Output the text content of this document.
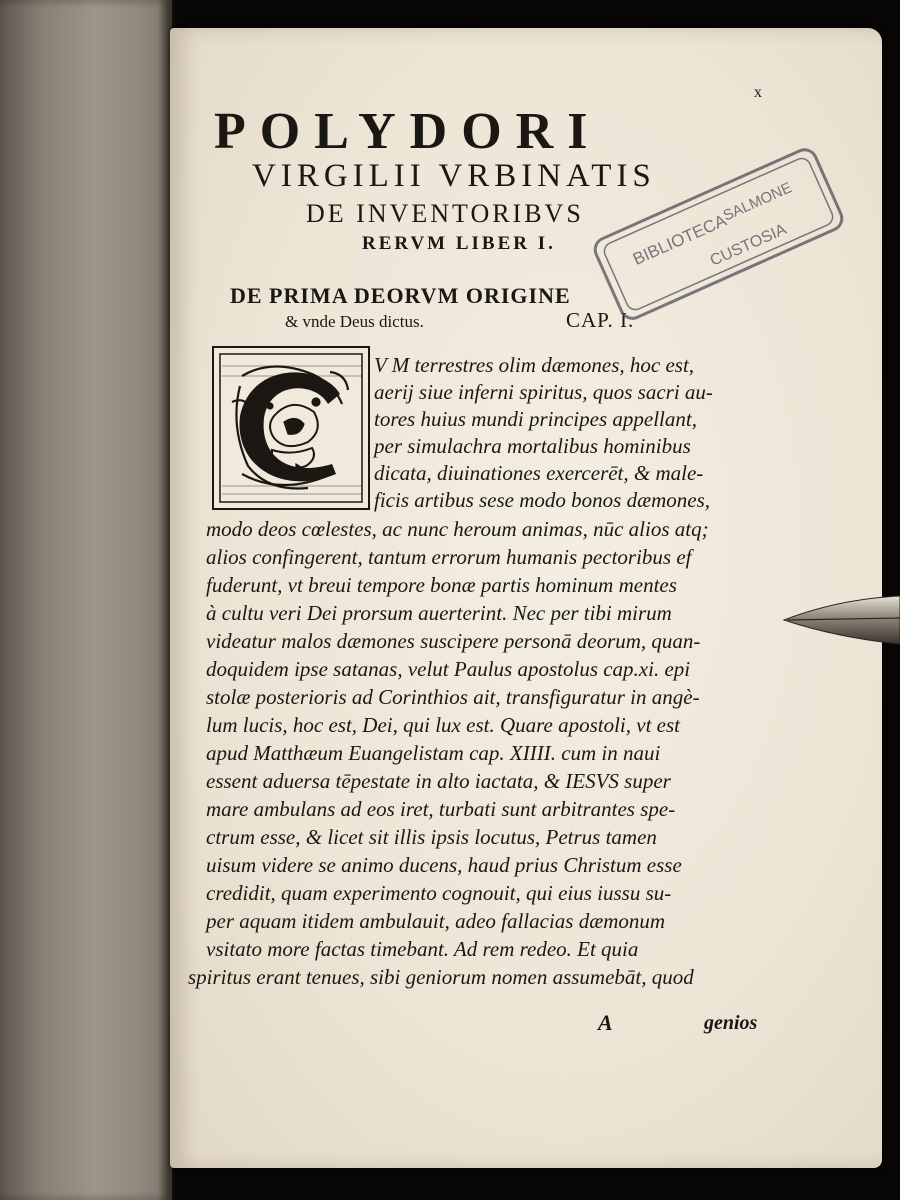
x
POLYDORI
VIRGILII VRBINATIS
DE INVENTORIBVS
RERVM LIBER I.
DE PRIMA DEORVM ORIGINE
& vnde Deus dictus.	CAP. I.
BIBLIOTECA
SALMONE
CUSTOSIA
V M terrestres olim dæmones, hoc est,
aerij siue inferni spiritus, quos sacri au-
tores huius mundi principes appellant,
per simulachra mortalibus hominibus
dicata, diuinationes exercerēt, & male-
ficis artibus sese modo bonos dæmones,
modo deos cœlestes, ac nunc heroum animas, nūc alios atq;
alios confingerent, tantum errorum humanis pectoribus ef
fuderunt, vt breui tempore bonæ partis hominum mentes
à cultu veri Dei prorsum auerterint. Nec per tibi mirum
videatur malos dæmones suscipere personā deorum, quan-
doquidem ipse satanas, velut Paulus apostolus cap.xi. epi
stolæ posterioris ad Corinthios ait, transfiguratur in angè-
lum lucis, hoc est, Dei, qui lux est. Quare apostoli, vt est
apud Matthæum Euangelistam cap. XIIII. cum in naui
essent aduersa tēpestate in alto iactata, & IESVS super
mare ambulans ad eos iret, turbati sunt arbitrantes spe-
ctrum esse, & licet sit illis ipsis locutus, Petrus tamen
uisum videre se animo ducens, haud prius Christum esse
credidit, quam experimento cognouit, qui eius iussu su-
per aquam itidem ambulauit, adeo fallacias dæmonum
vsitato more factas timebant. Ad rem redeo. Et quia
spiritus erant tenues, sibi geniorum nomen assumebāt, quod
A	genios
